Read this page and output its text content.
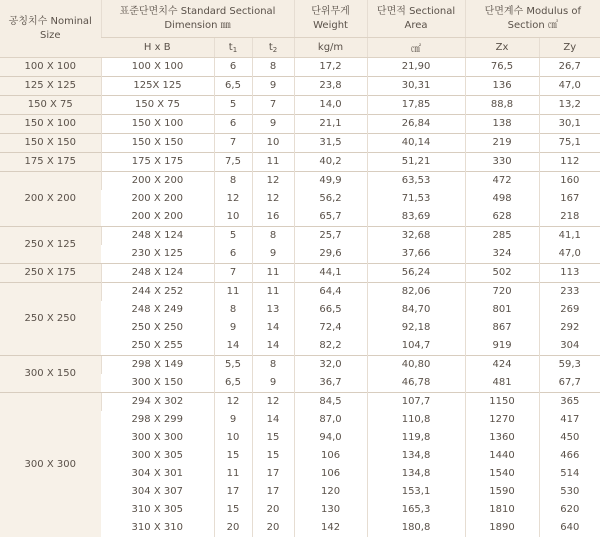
공칭치수 Nominal Size	표준단면치수 Standard Sectional Dimension ㎜			단위무게 Weight	단면적 Sectional Area	단면계수 Modulus of Section ㎤	
	H x B	$t_1$	$t_2$	kg/m	㎠	Zx	Zy
100 X 100	100 X 100	6	8	17,2	21,90	76,5	26,7
125 X 125	125X 125	6,5	9	23,8	30,31	136	47,0
150 X 75	150 X 75	5	7	14,0	17,85	88,8	13,2
150 X 100	150 X 100	6	9	21,1	26,84	138	30,1
150 X 150	150 X 150	7	10	31,5	40,14	219	75,1
175 X 175	175 X 175	7,5	11	40,2	51,21	330	112
200 X 200	200 X 200	8	12	49,9	63,53	472	160
	200 X 200	12	12	56,2	71,53	498	167
	200 X 200	10	16	65,7	83,69	628	218
250 X 125	248 X 124	5	8	25,7	32,68	285	41,1
	230 X 125	6	9	29,6	37,66	324	47,0
250 X 175	248 X 124	7	11	44,1	56,24	502	113
250 X 250	244 X 252	11	11	64,4	82,06	720	233
	248 X 249	8	13	66,5	84,70	801	269
	250 X 250	9	14	72,4	92,18	867	292
	250 X 255	14	14	82,2	104,7	919	304
300 X 150	298 X 149	5,5	8	32,0	40,80	424	59,3
	300 X 150	6,5	9	36,7	46,78	481	67,7
300 X 300	294 X 302	12	12	84,5	107,7	1150	365
	298 X 299	9	14	87,0	110,8	1270	417
	300 X 300	10	15	94,0	119,8	1360	450
	300 X 305	15	15	106	134,8	1440	466
	304 X 301	11	17	106	134,8	1540	514
	304 X 307	17	17	120	153,1	1590	530
	310 X 305	15	20	130	165,3	1810	620
	310 X 310	20	20	142	180,8	1890	640
